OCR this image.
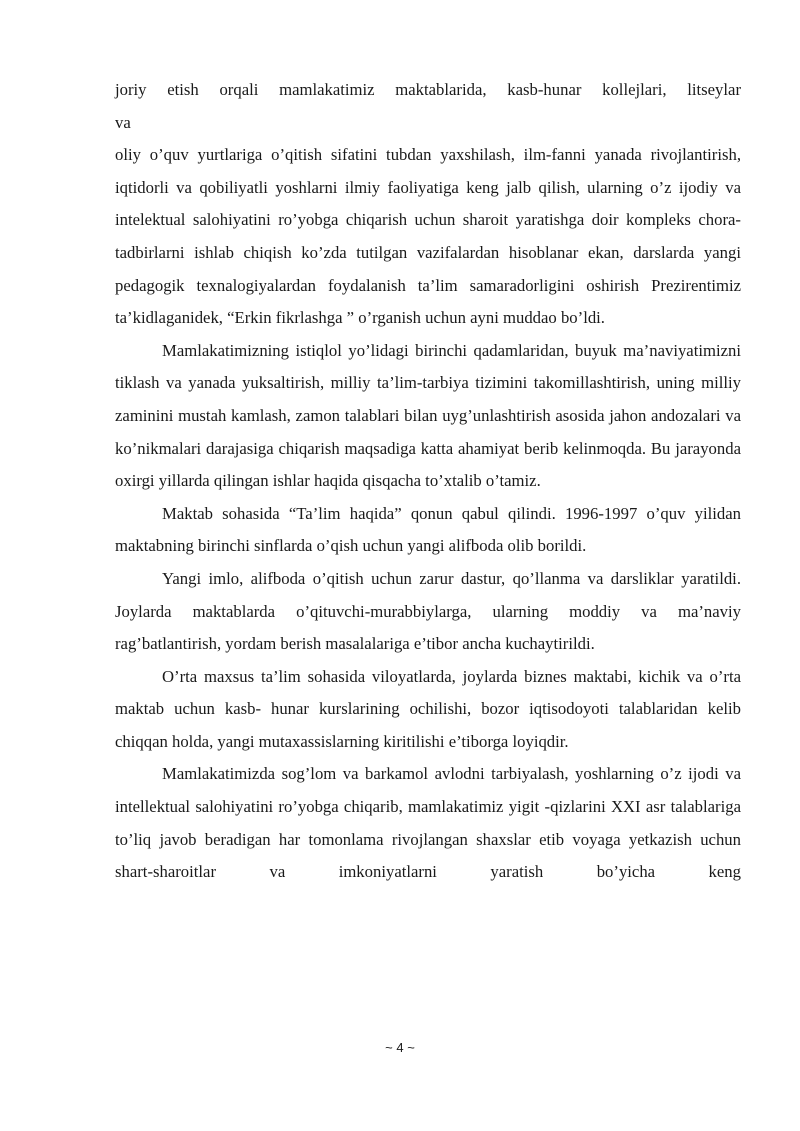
joriy etish orqali mamlakatimiz maktablarida, kasb-hunar kollejlari, litseylar

va

oliy o’quv yurtlariga o’qitish sifatini tubdan yaxshilash, ilm-fanni yanada rivojlantirish, iqtidorli va qobiliyatli yoshlarni ilmiy faoliyatiga keng jalb qilish, ularning o’z ijodiy va intelektual salohiyatini ro’yobga chiqarish uchun sharoit yaratishga doir kompleks chora-tadbirlarni ishlab chiqish ko’zda tutilgan vazifalardan hisoblanar ekan, darslarda yangi pedagogik texnalogiyalardan foydalanish ta’lim samaradorligini oshirish Prezirentimiz ta’kidlaganidek, “Erkin fikrlashga ” o’rganish uchun ayni muddao bo’ldi.

Mamlakatimizning istiqlol yo’lidagi birinchi qadamlaridan, buyuk ma’naviyatimizni tiklash va yanada yuksaltirish, milliy ta’lim-tarbiya tizimini takomillashtirish, uning milliy zaminini mustah kamlash, zamon talablari bilan uyg’unlashtirish asosida jahon andozalari va ko’nikmalari darajasiga chiqarish maqsadiga katta ahamiyat berib kelinmoqda. Bu jarayonda oxirgi yillarda qilingan ishlar haqida qisqacha to’xtalib o’tamiz.

Maktab sohasida “Ta’lim haqida” qonun qabul qilindi. 1996-1997 o’quv yilidan maktabning birinchi sinflarda o’qish uchun yangi alifboda olib borildi.

Yangi imlo, alifboda o’qitish uchun zarur dastur, qo’llanma va darsliklar yaratildi. Joylarda maktablarda o’qituvchi-murabbiylarga, ularning moddiy va ma’naviy rag’batlantirish, yordam berish masalalariga e’tibor ancha kuchaytirildi.

O’rta maxsus ta’lim sohasida viloyatlarda, joylarda biznes maktabi, kichik va o’rta maktab uchun kasb- hunar kurslarining ochilishi, bozor iqtisodoyoti talablaridan kelib chiqqan holda, yangi mutaxassislarning kiritilishi e’tiborga loyiqdir.

Mamlakatimizda sog’lom va barkamol avlodni tarbiyalash, yoshlarning o’z ijodi va intellektual salohiyatini ro’yobga chiqarib, mamlakatimiz yigit -qizlarini XXI asr talablariga to’liq javob beradigan har tomonlama rivojlangan shaxslar etib voyaga yetkazish uchun shart-sharoitlar va imkoniyatlarni yaratish bo’yicha keng

~ 4 ~
